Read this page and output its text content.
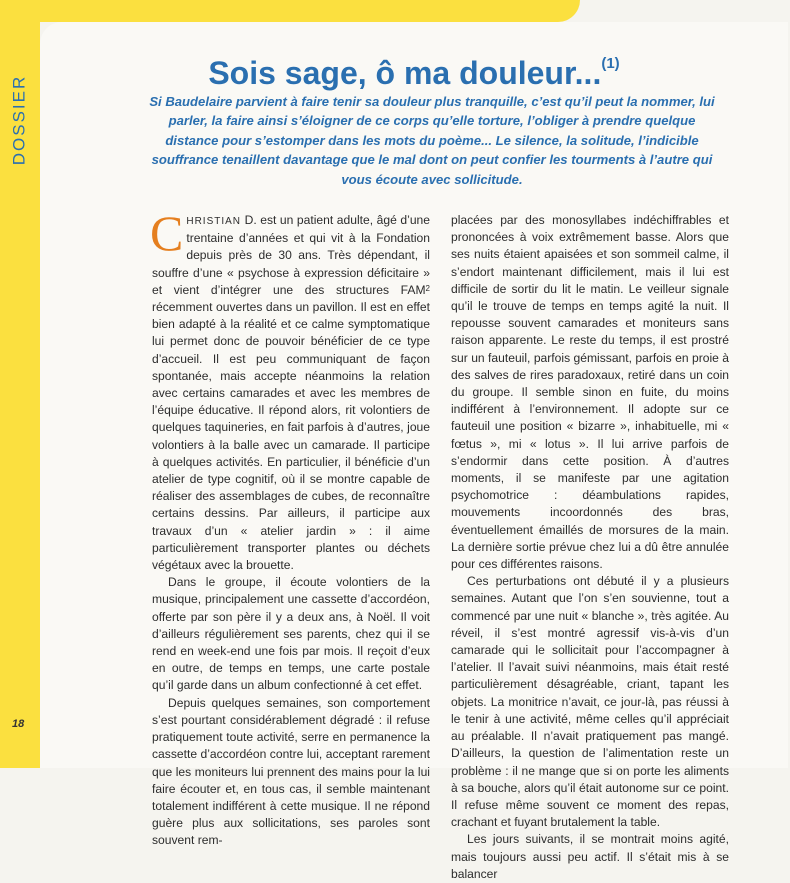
DOSSIER
18
Sois sage, ô ma douleur...$^{(1)}$
Si Baudelaire parvient à faire tenir sa douleur plus tranquille, c’est qu’il peut la nommer, lui parler, la faire ainsi s’éloigner de ce corps qu’elle torture, l’obliger à prendre quelque distance pour s’estomper dans les mots du poème... Le silence, la solitude, l’indicible souffrance tenaillent davantage que le mal dont on peut confier les tourments à l’autre qui vous écoute avec sollicitude.

CHRISTIAN D. est un patient adulte, âgé d’une trentaine d’années et qui vit à la Fondation depuis près de 30 ans. Très dépendant, il souffre d’une « psychose à expression déficitaire » et vient d’intégrer une des structures FAM$^2$ récemment ouvertes dans un pavillon. Il est en effet bien adapté à la réalité et ce calme symptomatique lui permet donc de pouvoir bénéficier de ce type d’accueil. Il est peu communiquant de façon spontanée, mais accepte néanmoins la relation avec certains camarades et avec les membres de l’équipe éducative. Il répond alors, rit volontiers de quelques taquineries, en fait parfois à d’autres, joue volontiers à la balle avec un camarade. Il participe à quelques activités. En particulier, il bénéficie d’un atelier de type cognitif, où il se montre capable de réaliser des assemblages de cubes, de reconnaître certains dessins. Par ailleurs, il participe aux travaux d’un « atelier jardin » : il aime particulièrement transporter plantes ou déchets végétaux avec la brouette.

Dans le groupe, il écoute volontiers de la musique, principalement une cassette d’accordéon, offerte par son père il y a deux ans, à Noël. Il voit d’ailleurs régulièrement ses parents, chez qui il se rend en week-end une fois par mois. Il reçoit d’eux en outre, de temps en temps, une carte postale qu’il garde dans un album confectionné à cet effet.

Depuis quelques semaines, son comportement s’est pourtant considérablement dégradé : il refuse pratiquement toute activité, serre en permanence la cassette d’accordéon contre lui, acceptant rarement que les moniteurs lui prennent des mains pour la lui faire écouter et, en tous cas, il semble maintenant totalement indifférent à cette musique. Il ne répond guère plus aux sollicitations, ses paroles sont souvent rem-

placées par des monosyllabes indéchiffrables et prononcées à voix extrêmement basse. Alors que ses nuits étaient apaisées et son sommeil calme, il s’endort maintenant difficilement, mais il lui est difficile de sortir du lit le matin. Le veilleur signale qu’il le trouve de temps en temps agité la nuit. Il repousse souvent camarades et moniteurs sans raison apparente. Le reste du temps, il est prostré sur un fauteuil, parfois gémissant, parfois en proie à des salves de rires paradoxaux, retiré dans un coin du groupe. Il semble sinon en fuite, du moins indifférent à l’environnement. Il adopte sur ce fauteuil une position « bizarre », inhabituelle, mi « fœtus », mi « lotus ». Il lui arrive parfois de s’endormir dans cette position. À d’autres moments, il se manifeste par une agitation psychomotrice : déambulations rapides, mouvements incoordonnés des bras, éventuellement émaillés de morsures de la main. La dernière sortie prévue chez lui a dû être annulée pour ces différentes raisons.

Ces perturbations ont débuté il y a plusieurs semaines. Autant que l’on s’en souvienne, tout a commencé par une nuit « blanche », très agitée. Au réveil, il s’est montré agressif vis-à-vis d’un camarade qui le sollicitait pour l’accompagner à l’atelier. Il l’avait suivi néanmoins, mais était resté particulièrement désagréable, criant, tapant les objets. La monitrice n’avait, ce jour-là, pas réussi à le tenir à une activité, même celles qu’il appréciait au préalable. Il n’avait pratiquement pas mangé. D’ailleurs, la question de l’alimentation reste un problème : il ne mange que si on porte les aliments à sa bouche, alors qu’il était autonome sur ce point. Il refuse même souvent ce moment des repas, crachant et fuyant brutalement la table.

Les jours suivants, il se montrait moins agité, mais toujours aussi peu actif. Il s’était mis à se balancer
